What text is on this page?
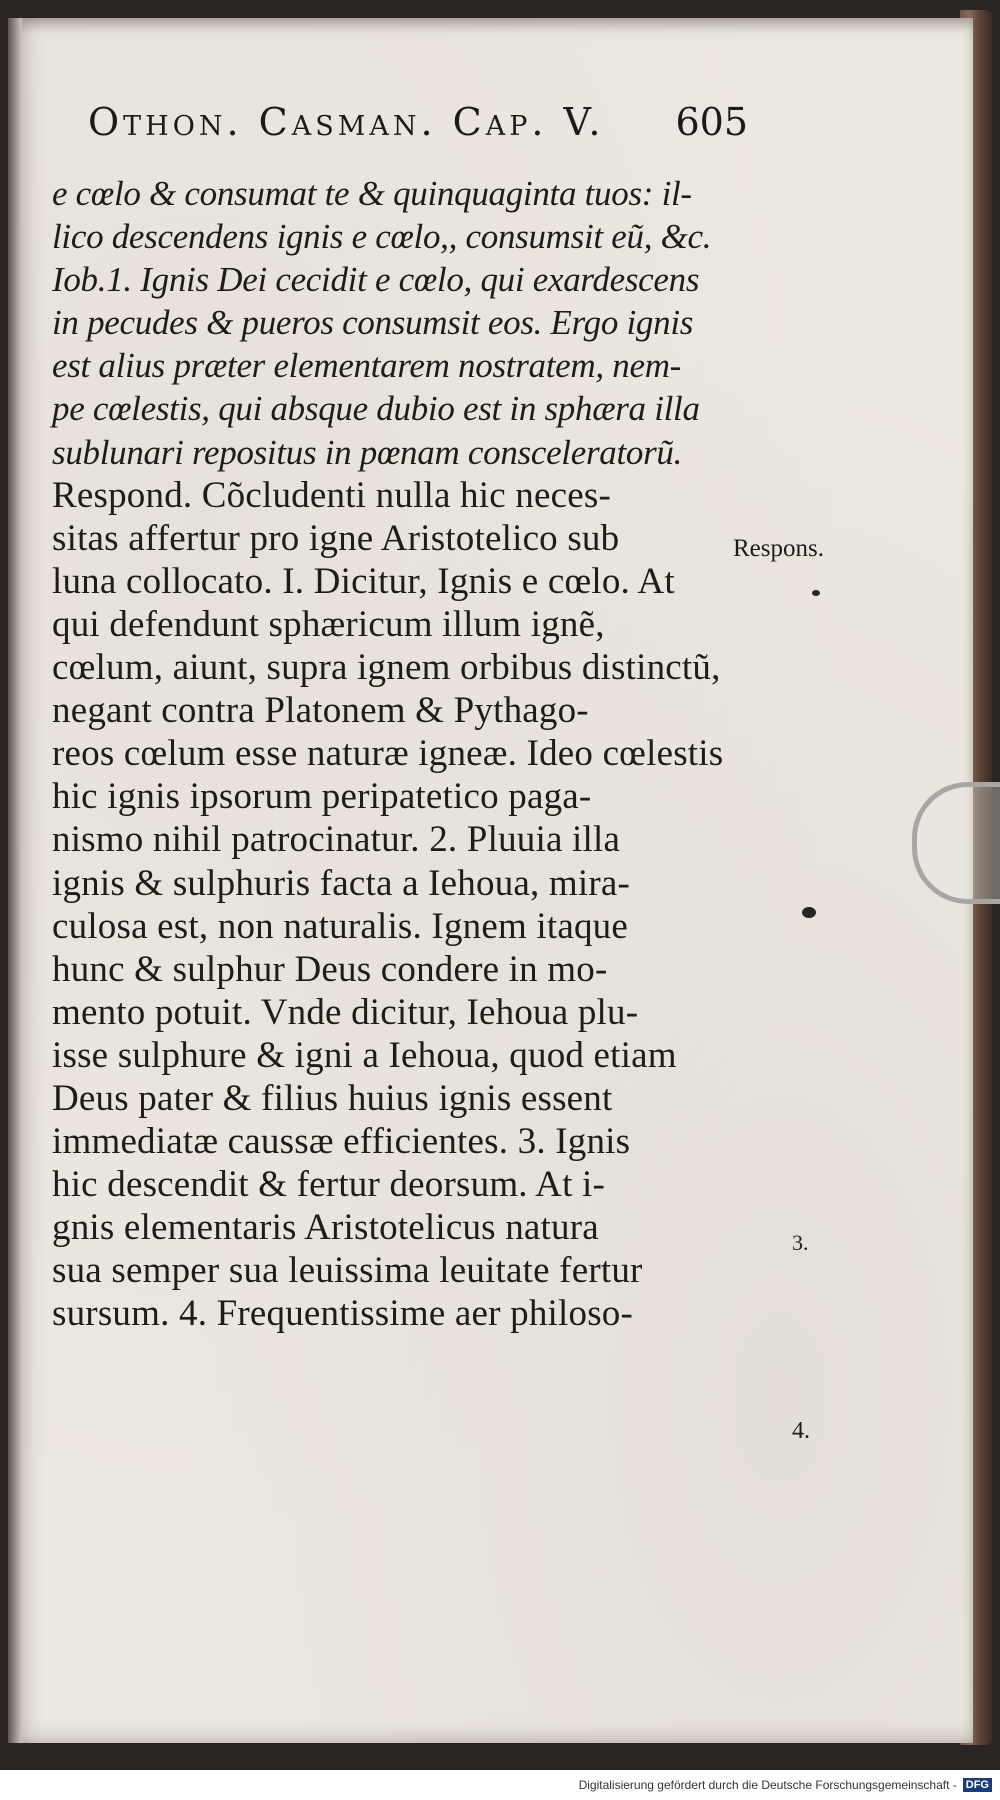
Othon. Casman. Cap. V. 605
e cœlo & consumat te & quinquaginta tuos: il-
lico descendens ignis e cœlo,, consumsit eũ, &c.
Iob.1. Ignis Dei cecidit e cœlo, qui exardescens
in pecudes & pueros consumsit eos. Ergo ignis
est alius præter elementarem nostratem, nem-
pe cœlestis, qui absque dubio est in sphæra illa
sublunari repositus in pœnam consceleratorũ.
Respond. Cõcludenti nulla hic neces-
sitas affertur pro igne Aristotelico sub
luna collocato. I. Dicitur, Ignis e cœlo. At
qui defendunt sphæricum illum ignẽ,
cœlum, aiunt, supra ignem orbibus distinctũ,
negant contra Platonem & Pythago-
reos cœlum esse naturæ igneæ. Ideo cœlestis
hic ignis ipsorum peripatetico paga-
nismo nihil patrocinatur. 2. Pluuia illa
ignis & sulphuris facta a Iehoua, mira-
culosa est, non naturalis. Ignem itaque
hunc & sulphur Deus condere in mo-
mento potuit. Vnde dicitur, Iehoua plu-
isse sulphure & igni a Iehoua, quod etiam
Deus pater & filius huius ignis essent
immediatæ caussæ efficientes. 3. Ignis
hic descendit & fertur deorsum. At i-
gnis elementaris Aristotelicus natura
sua semper sua leuissima leuitate fertur
sursum. 4. Frequentissime aer philoso-
Respons.
3.
4.
Digitalisierung gefördert durch die Deutsche Forschungsgemeinschaft - DFG
